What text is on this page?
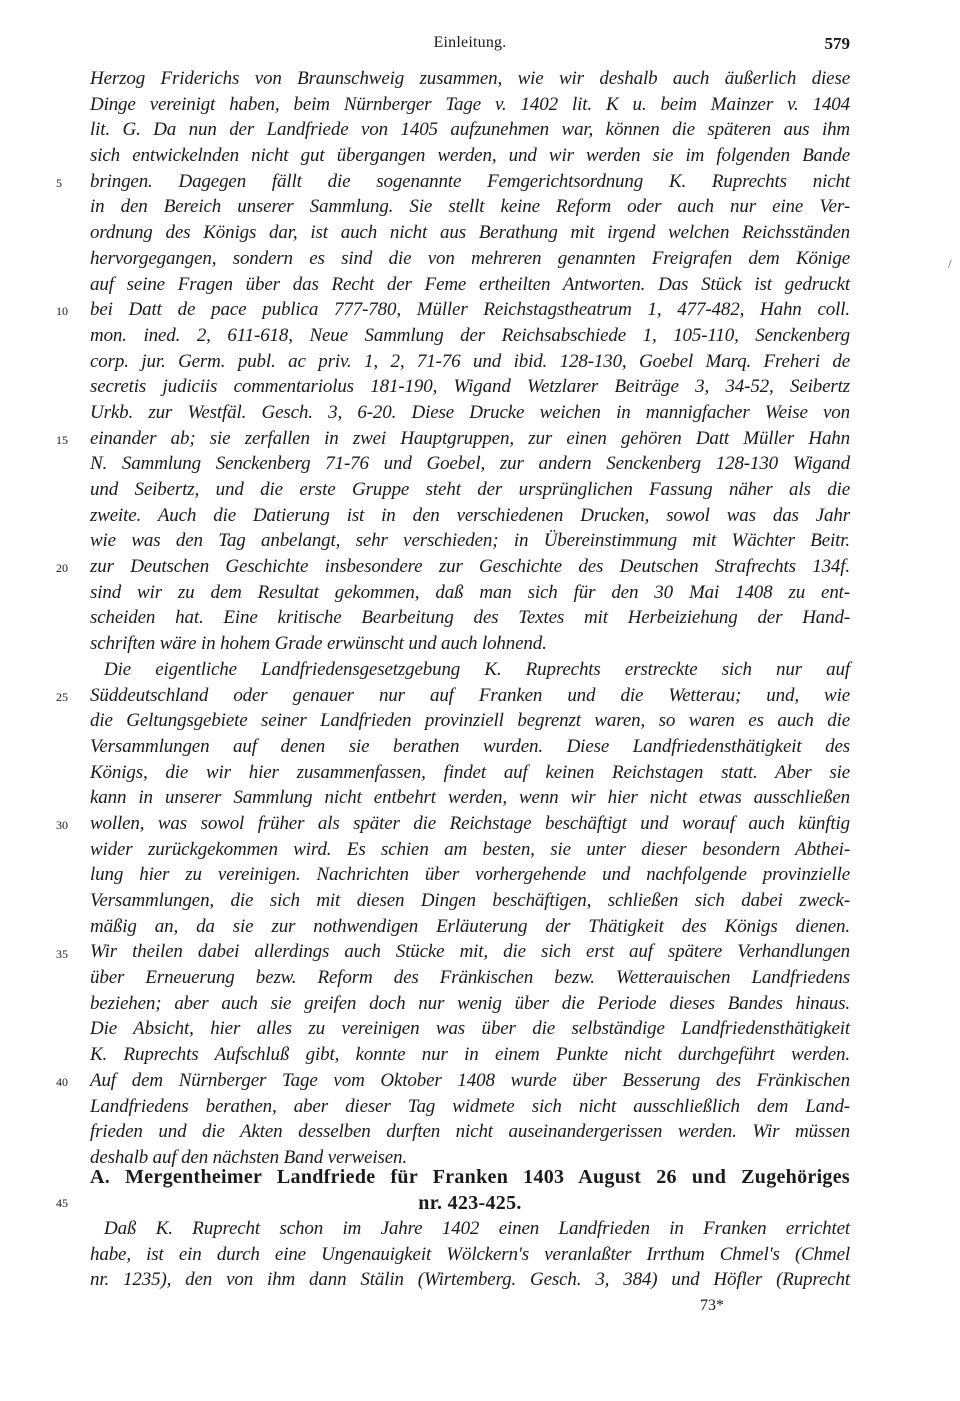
Einleitung.	579
Herzog Friderichs von Braunschweig zusammen, wie wir deshalb auch äußerlich diese
Dinge vereinigt haben, beim Nürnberger Tage v. 1402 lit. K u. beim Mainzer v. 1404
lit. G. Da nun der Landfriede von 1405 aufzunehmen war, können die späteren aus ihm
sich entwickelnden nicht gut übergangen werden, und wir werden sie im folgenden Bande
bringen. Dagegen fällt die sogenannte Femgerichtsordnung K. Ruprechts nicht
in den Bereich unserer Sammlung. Sie stellt keine Reform oder auch nur eine Ver-
ordnung des Königs dar, ist auch nicht aus Berathung mit irgend welchen Reichsständen
hervorgegangen, sondern es sind die von mehreren genannten Freigrafen dem Könige
auf seine Fragen über das Recht der Feme ertheilten Antworten. Das Stück ist gedruckt
bei Datt de pace publica 777-780, Müller Reichstagstheatrum 1, 477-482, Hahn coll.
mon. ined. 2, 611-618, Neue Sammlung der Reichsabschiede 1, 105-110, Senckenberg
corp. jur. Germ. publ. ac priv. 1, 2, 71-76 und ibid. 128-130, Goebel Marq. Freheri de
secretis judiciis commentariolus 181-190, Wigand Wetzlarer Beiträge 3, 34-52, Seibertz
Urkb. zur Westfäl. Gesch. 3, 6-20. Diese Drucke weichen in mannigfacher Weise von
einander ab; sie zerfallen in zwei Hauptgruppen, zur einen gehören Datt Müller Hahn
N. Sammlung Senckenberg 71-76 und Goebel, zur andern Senckenberg 128-130 Wigand
und Seibertz, und die erste Gruppe steht der ursprünglichen Fassung näher als die
zweite. Auch die Datierung ist in den verschiedenen Drucken, sowol was das Jahr
wie was den Tag anbelangt, sehr verschieden; in Übereinstimmung mit Wächter Beitr.
zur Deutschen Geschichte insbesondere zur Geschichte des Deutschen Strafrechts 134f.
sind wir zu dem Resultat gekommen, daß man sich für den 30 Mai 1408 zu ent-
scheiden hat. Eine kritische Bearbeitung des Textes mit Herbeiziehung der Hand-
schriften wäre in hohem Grade erwünscht und auch lohnend.
Die eigentliche Landfriedensgesetzgebung K. Ruprechts erstreckte sich nur auf
Süddeutschland oder genauer nur auf Franken und die Wetterau; und, wie
die Geltungsgebiete seiner Landfrieden provinziell begrenzt waren, so waren es auch die
Versammlungen auf denen sie berathen wurden. Diese Landfriedensthätigkeit des
Königs, die wir hier zusammenfassen, findet auf keinen Reichstagen statt. Aber sie
kann in unserer Sammlung nicht entbehrt werden, wenn wir hier nicht etwas ausschließen
wollen, was sowol früher als später die Reichstage beschäftigt und worauf auch künftig
wider zurückgekommen wird. Es schien am besten, sie unter dieser besondern Abthei-
lung hier zu vereinigen. Nachrichten über vorhergehende und nachfolgende provinzielle
Versammlungen, die sich mit diesen Dingen beschäftigen, schließen sich dabei zweck-
mäßig an, da sie zur nothwendigen Erläuterung der Thätigkeit des Königs dienen.
Wir theilen dabei allerdings auch Stücke mit, die sich erst auf spätere Verhandlungen
über Erneuerung bezw. Reform des Fränkischen bezw. Wetterauischen Landfriedens
beziehen; aber auch sie greifen doch nur wenig über die Periode dieses Bandes hinaus.
Die Absicht, hier alles zu vereinigen was über die selbständige Landfriedensthätigkeit
K. Ruprechts Aufschluß gibt, konnte nur in einem Punkte nicht durchgeführt werden.
Auf dem Nürnberger Tage vom Oktober 1408 wurde über Besserung des Fränkischen
Landfriedens berathen, aber dieser Tag widmete sich nicht ausschließlich dem Land-
frieden und die Akten desselben durften nicht auseinandergerissen werden. Wir müssen
deshalb auf den nächsten Band verweisen.
5
10
15
20
25
30
35
40
A. Mergentheimer Landfriede für Franken 1403 August 26 und Zugehöriges
nr. 423-425.
45
Daß K. Ruprecht schon im Jahre 1402 einen Landfrieden in Franken errichtet
habe, ist ein durch eine Ungenauigkeit Wölckern's veranlaßter Irrthum Chmel's (Chmel
nr. 1235), den von ihm dann Stälin (Wirtemberg. Gesch. 3, 384) und Höfler (Ruprecht
73*
/
